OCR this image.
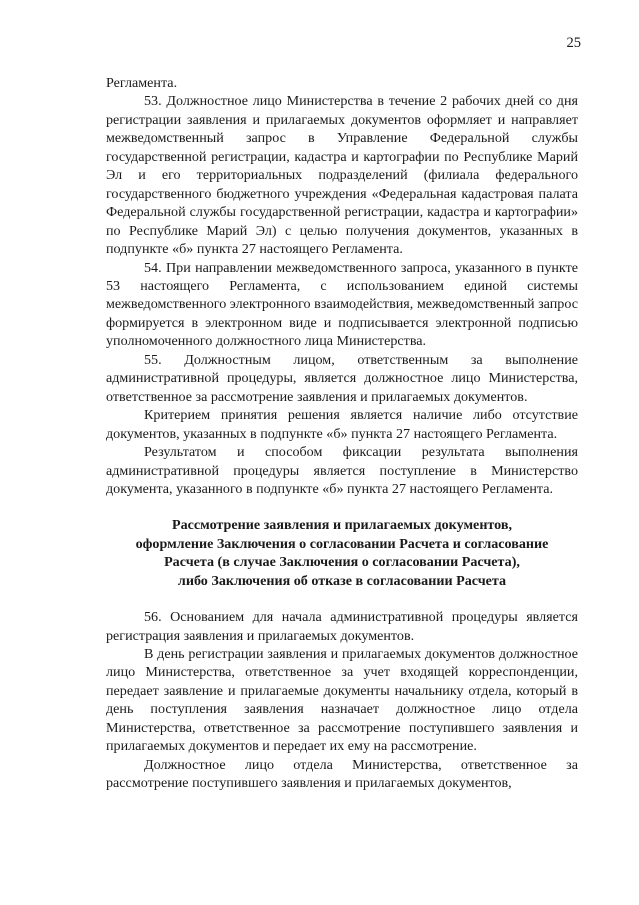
25

Регламента.

53. Должностное лицо Министерства в течение 2 рабочих дней со дня регистрации заявления и прилагаемых документов оформляет и направляет межведомственный запрос в Управление Федеральной службы государственной регистрации, кадастра и картографии по Республике Марий Эл и его территориальных подразделений (филиала федерального государственного бюджетного учреждения «Федеральная кадастровая палата Федеральной службы государственной регистрации, кадастра и картографии» по Республике Марий Эл) с целью получения документов, указанных в подпункте «б» пункта 27 настоящего Регламента.

54. При направлении межведомственного запроса, указанного в пункте 53 настоящего Регламента, с использованием единой системы межведомственного электронного взаимодействия, межведомственный запрос формируется в электронном виде и подписывается электронной подписью уполномоченного должностного лица Министерства.

55. Должностным лицом, ответственным за выполнение административной процедуры, является должностное лицо Министерства, ответственное за рассмотрение заявления и прилагаемых документов.

Критерием принятия решения является наличие либо отсутствие документов, указанных в подпункте «б» пункта 27 настоящего Регламента.

Результатом и способом фиксации результата выполнения административной процедуры является поступление в Министерство документа, указанного в подпункте «б» пункта 27 настоящего Регламента.

Рассмотрение заявления и прилагаемых документов,
оформление Заключения о согласовании Расчета и согласование
Расчета (в случае Заключения о согласовании Расчета),
либо Заключения об отказе в согласовании Расчета

56. Основанием для начала административной процедуры является регистрация заявления и прилагаемых документов.

В день регистрации заявления и прилагаемых документов должностное лицо Министерства, ответственное за учет входящей корреспонденции, передает заявление и прилагаемые документы начальнику отдела, который в день поступления заявления назначает должностное лицо отдела Министерства, ответственное за рассмотрение поступившего заявления и прилагаемых документов и передает их ему на рассмотрение.

Должностное лицо отдела Министерства, ответственное за рассмотрение поступившего заявления и прилагаемых документов,
